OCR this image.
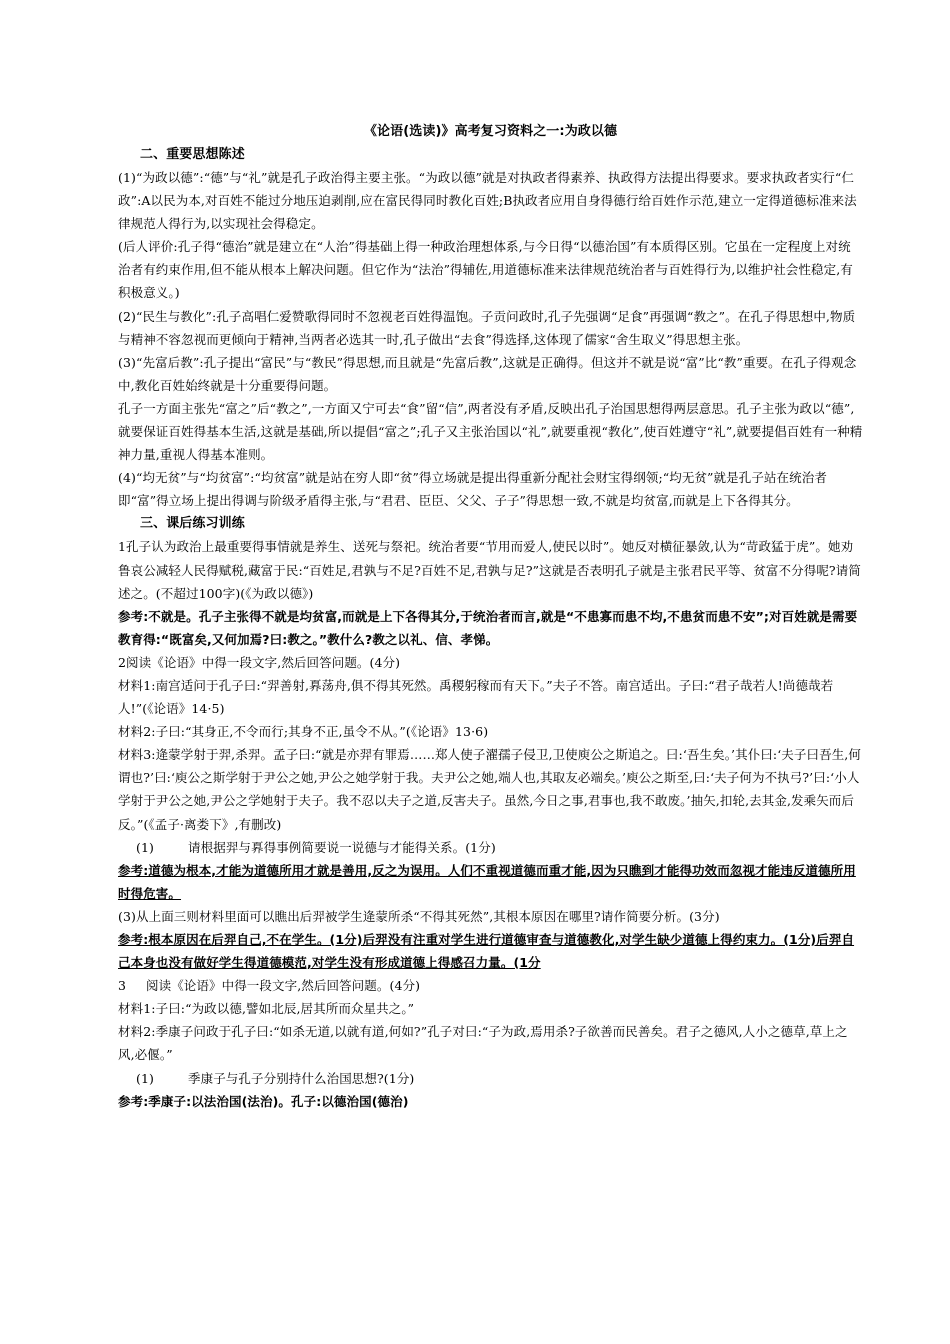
《论语(选读)》高考复习资料之一:为政以德

二、重要思想陈述

(1)“为政以德”:“德”与“礼”就是孔子政治得主要主张。“为政以德”就是对执政者得素养、执政得方法提出得要求。要求执政者实行“仁政”:A以民为本,对百姓不能过分地压迫剥削,应在富民得同时教化百姓;B执政者应用自身得德行给百姓作示范,建立一定得道德标准来法律规范人得行为,以实现社会得稳定。

(后人评价:孔子得“德治”就是建立在“人治”得基础上得一种政治理想体系,与今日得“以德治国”有本质得区别。它虽在一定程度上对统治者有约束作用,但不能从根本上解决问题。但它作为“法治”得辅佐,用道德标准来法律规范统治者与百姓得行为,以维护社会性稳定,有积极意义。)

(2)“民生与教化”:孔子高唱仁爱赞歌得同时不忽视老百姓得温饱。子贡问政时,孔子先强调“足食”再强调“教之”。在孔子得思想中,物质与精神不容忽视而更倾向于精神,当两者必选其一时,孔子做出“去食”得选择,这体现了儒家“舍生取义”得思想主张。

(3)“先富后教”:孔子提出“富民”与“教民”得思想,而且就是“先富后教”,这就是正确得。但这并不就是说“富”比“教”重要。在孔子得观念中,教化百姓始终就是十分重要得问题。

孔子一方面主张先“富之”后“教之”,一方面又宁可去“食”留“信”,两者没有矛盾,反映出孔子治国思想得两层意思。孔子主张为政以“德”,就要保证百姓得基本生活,这就是基础,所以提倡“富之”;孔子又主张治国以“礼”,就要重视“教化”,使百姓遵守“礼”,就要提倡百姓有一种精神力量,重视人得基本准则。

(4)“均无贫”与“均贫富”:“均贫富”就是站在穷人即“贫”得立场就是提出得重新分配社会财宝得纲领;“均无贫”就是孔子站在统治者即“富”得立场上提出得调与阶级矛盾得主张,与“君君、臣臣、父父、子子”得思想一致,不就是均贫富,而就是上下各得其分。

三、课后练习训练

1孔子认为政治上最重要得事情就是养生、送死与祭祀。统治者要“节用而爱人,使民以时”。她反对横征暴敛,认为“苛政猛于虎”。她劝鲁哀公减轻人民得赋税,藏富于民:“百姓足,君孰与不足?百姓不足,君孰与足?”这就是否表明孔子就是主张君民平等、贫富不分得呢?请简述之。(不超过100字)(《为政以德》)

参考:不就是。孔子主张得不就是均贫富,而就是上下各得其分,于统治者而言,就是“不患寡而患不均,不患贫而患不安”;对百姓就是需要教育得:“既富矣,又何加焉?曰:教之。”教什么?教之以礼、信、孝悌。

2阅读《论语》中得一段文字,然后回答问题。(4分)

材料1:南宫适问于孔子曰:“羿善射,奡荡舟,俱不得其死然。禹稷躬稼而有天下。”夫子不答。南宫适出。子曰:“君子哉若人!尚德哉若人!”(《论语》14·5)

材料2:子曰:“其身正,不令而行;其身不正,虽令不从。”(《论语》13·6)

材料3:逄蒙学射于羿,杀羿。孟子曰:“就是亦羿有罪焉……郑人使子濯孺子侵卫,卫使庾公之斯追之。曰:‘吾生矣。’其仆曰:‘夫子曰吾生,何谓也?’曰:‘庾公之斯学射于尹公之她,尹公之她学射于我。夫尹公之她,端人也,其取友必端矣。’庾公之斯至,曰:‘夫子何为不执弓?’曰:‘小人学射于尹公之她,尹公之学她射于夫子。我不忍以夫子之道,反害夫子。虽然,今日之事,君事也,我不敢废。’抽矢,扣轮,去其金,发乘矢而后反。”(《孟子·离娄下》,有删改)

(1)	请根据羿与奡得事例简要说一说德与才能得关系。(1分)

参考:道德为根本,才能为道德所用才就是善用,反之为误用。人们不重视道德而重才能,因为只瞧到才能得功效而忽视才能违反道德所用时得危害。

(3)从上面三则材料里面可以瞧出后羿被学生逄蒙所杀“不得其死然”,其根本原因在哪里?请作简要分析。(3分)

参考:根本原因在后羿自己,不在学生。(1分)后羿没有注重对学生进行道德审查与道德教化,对学生缺少道德上得约束力。(1分)后羿自己本身也没有做好学生得道德模范,对学生没有形成道德上得感召力量。(1分

3 阅读《论语》中得一段文字,然后回答问题。(4分)

材料1:子曰:“为政以德,譬如北辰,居其所而众星共之。”

材料2:季康子问政于孔子曰:“如杀无道,以就有道,何如?”孔子对曰:“子为政,焉用杀?子欲善而民善矣。君子之德风,人小之德草,草上之风,必偃。”

(1)	季康子与孔子分别持什么治国思想?(1分)

参考:季康子:以法治国(法治)。孔子:以德治国(德治)
